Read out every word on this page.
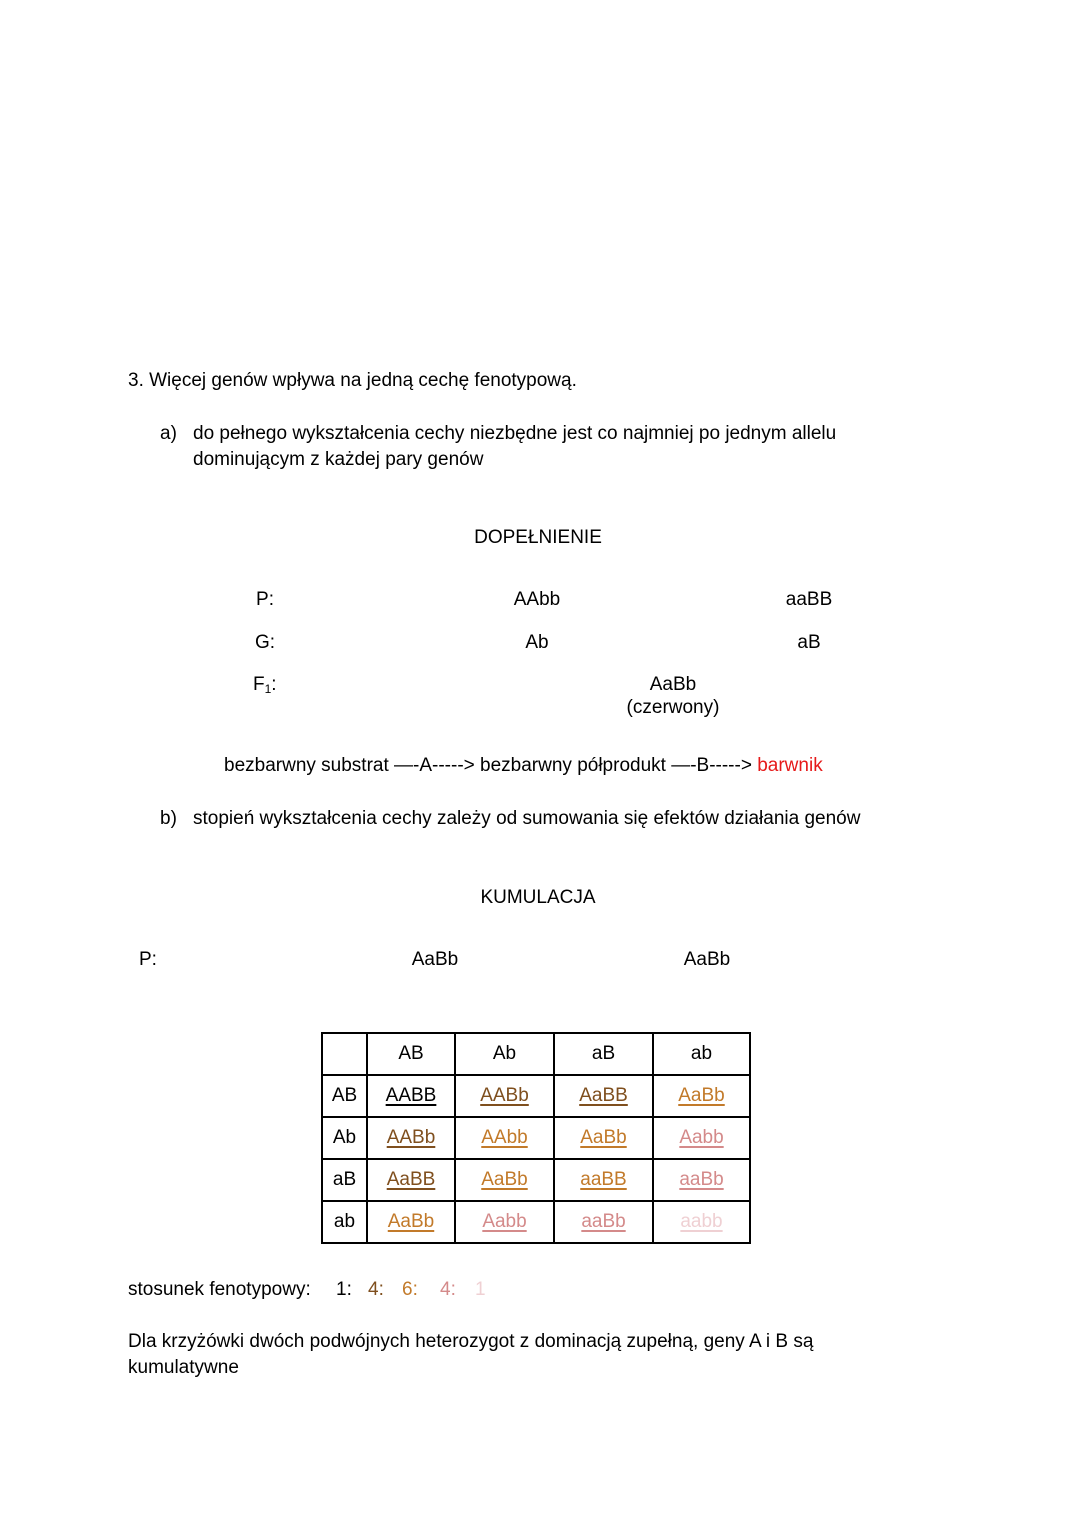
3. Więcej genów wpływa na jedną cechę fenotypową.
a) do pełnego wykształcenia cechy niezbędne jest co najmniej po jednym allelu
dominującym z każdej pary genów
DOPEŁNIENIE
P:	AAbb	aaBB
G:	Ab	aB
$F_1$:	AaBb
(czerwony)
bezbarwny substrat —-A-----> bezbarwny półprodukt —-B-----> barwnik
b) stopień wykształcenia cechy zależy od sumowania się efektów działania genów
KUMULACJA
P:	AaBb	AaBb
	AB	Ab	aB	ab
AB	AABB	AABb	AaBB	AaBb
Ab	AABb	AAbb	AaBb	Aabb
aB	AaBB	AaBb	aaBB	aaBb
ab	AaBb	Aabb	aaBb	aabb
stosunek fenotypowy: 1: 4: 6: 4: 1
Dla krzyżówki dwóch podwójnych heterozygot z dominacją zupełną, geny A i B są
kumulatywne
